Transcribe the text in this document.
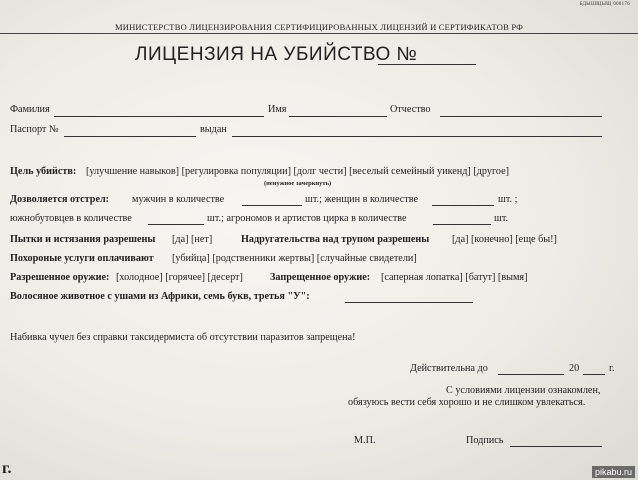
БДЫШЩЫЩ 000176
МИНИСТЕРСТВО ЛИЦЕНЗИРОВАНИЯ СЕРТИФИЦИРОВАННЫХ ЛИЦЕНЗИЙ И СЕРТИФИКАТОВ РФ
ЛИЦЕНЗИЯ НА УБИЙСТВО №
Фамилия	Имя	Отчество
Паспорт №	выдан
Цель убийств: [улучшение навыков] [регулировка популяции] [долг чести] [веселый семейный уикенд] [другое]
(ненужное зачеркнуть)
Дозволяется отстрел: мужчин в количестве	шт.; женщин в количестве	шт. ;
южнобутовцев в количестве	шт.; агрономов и артистов цирка в количестве	шт.
Пытки и истязания разрешены [да] [нет]	Надругательства над трупом разрешены [да] [конечно] [еще бы!]
Похороные услуги оплачивают [убийца] [родственники жертвы] [случайные свидетели]
Разрешенное оружие: [холодное] [горячее] [десерт]	Запрещенное оружие: [саперная лопатка] [батут] [вымя]
Волосяное животное с ушами из Африки, семь букв, третья "У":
Набивка чучел без справки таксидермиста об отсутствии паразитов запрещена!
Действительна до	20	г.
С условиями лицензии ознакомлен,
обязуюсь вести себя хорошо и не слишком увлекаться.
М.П.	Подпись
г.	pikabu.ru
